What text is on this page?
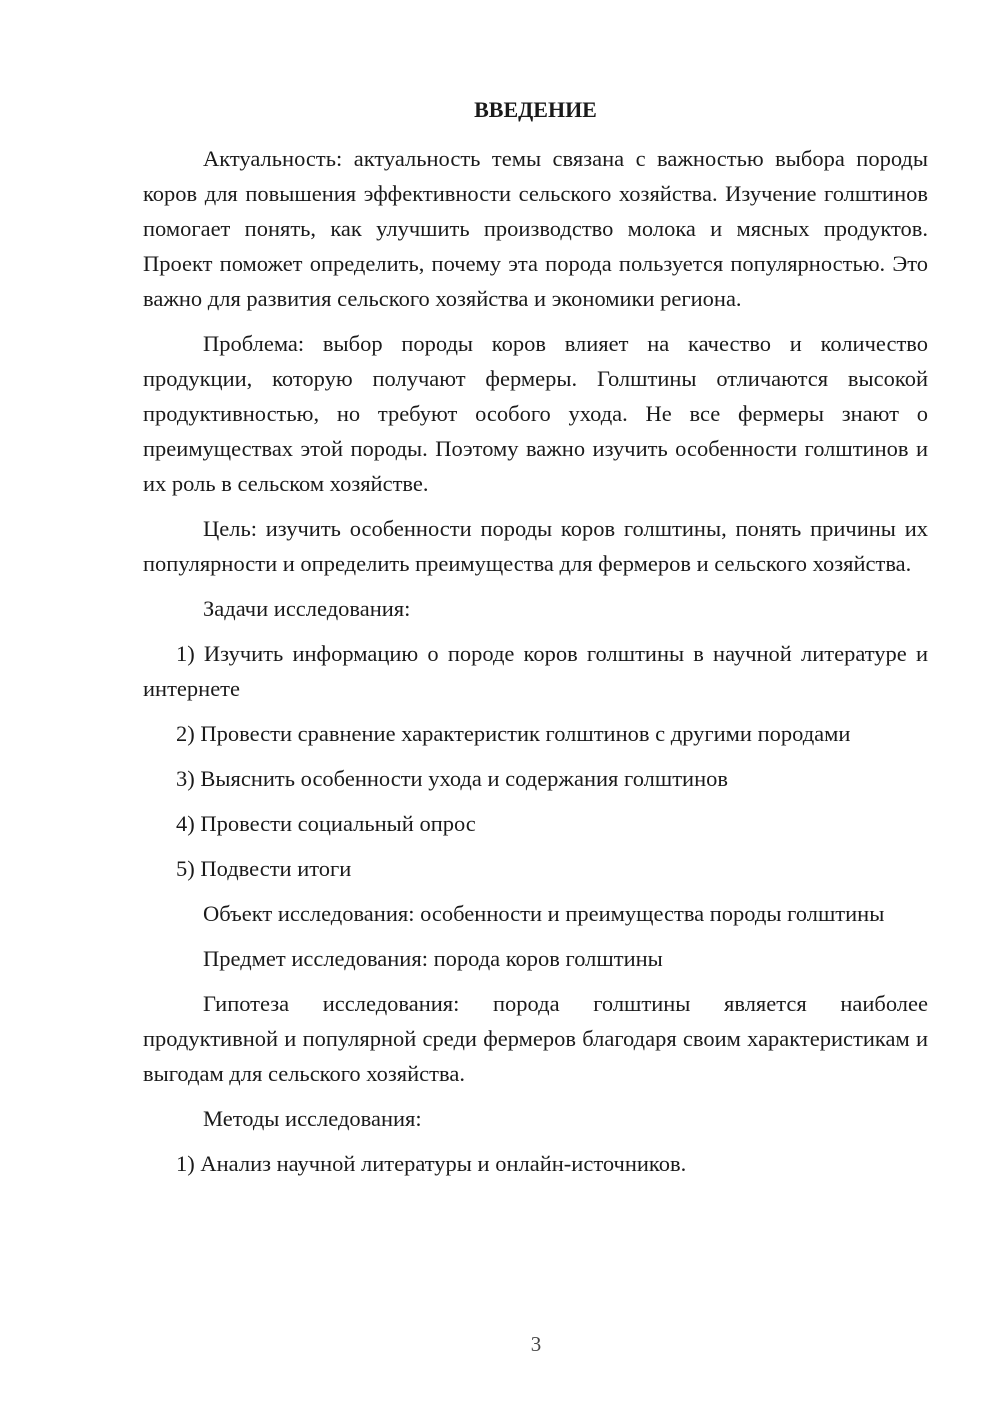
ВВЕДЕНИЕ

Актуальность: актуальность темы связана с важностью выбора породы коров для повышения эффективности сельского хозяйства. Изучение голштинов помогает понять, как улучшить производство молока и мясных продуктов. Проект поможет определить, почему эта порода пользуется популярностью. Это важно для развития сельского хозяйства и экономики региона.

Проблема: выбор породы коров влияет на качество и количество продукции, которую получают фермеры. Голштины отличаются высокой продуктивностью, но требуют особого ухода. Не все фермеры знают о преимуществах этой породы. Поэтому важно изучить особенности голштинов и их роль в сельском хозяйстве.

Цель: изучить особенности породы коров голштины, понять причины их популярности и определить преимущества для фермеров и сельского хозяйства.

Задачи исследования:

1) Изучить информацию о породе коров голштины в научной литературе и интернете

2) Провести сравнение характеристик голштинов с другими породами

3) Выяснить особенности ухода и содержания голштинов

4) Провести социальный опрос

5) Подвести итоги

Объект исследования: особенности и преимущества породы голштины

Предмет исследования: порода коров голштины

Гипотеза исследования: порода голштины является наиболее продуктивной и популярной среди фермеров благодаря своим характеристикам и выгодам для сельского хозяйства.

Методы исследования:

1) Анализ научной литературы и онлайн-источников.

3
